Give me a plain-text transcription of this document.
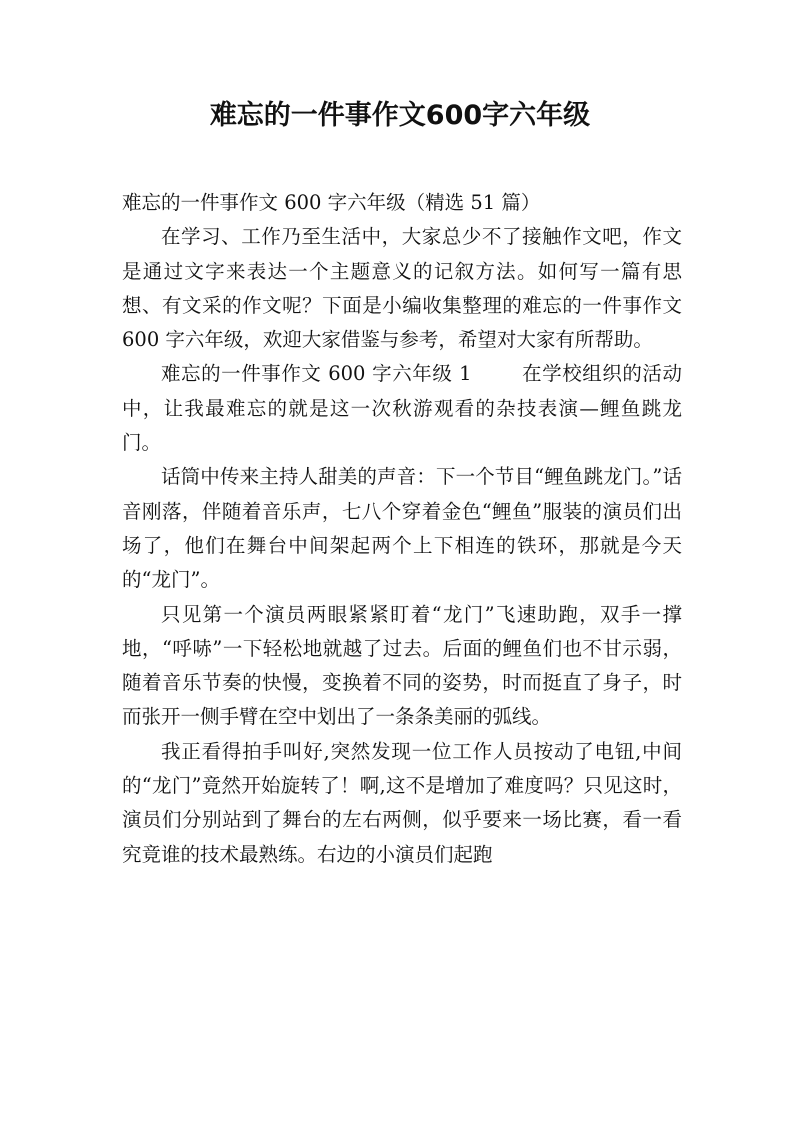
难忘的一件事作文600字六年级

难忘的一件事作文 600 字六年级（精选 51 篇）

在学习、工作乃至生活中，大家总少不了接触作文吧，作文是通过文字来表达一个主题意义的记叙方法。如何写一篇有思想、有文采的作文呢？下面是小编收集整理的难忘的一件事作文 600 字六年级，欢迎大家借鉴与参考，希望对大家有所帮助。

难忘的一件事作文 600 字六年级 1	在学校组织的活动中，让我最难忘的就是这一次秋游观看的杂技表演—鲤鱼跳龙门。

话筒中传来主持人甜美的声音：下一个节目“鲤鱼跳龙门。”话音刚落，伴随着音乐声，七八个穿着金色“鲤鱼”服装的演员们出场了，他们在舞台中间架起两个上下相连的铁环，那就是今天的“龙门”。

只见第一个演员两眼紧紧盯着“龙门”飞速助跑，双手一撑地，“呼哧”一下轻松地就越了过去。后面的鲤鱼们也不甘示弱，随着音乐节奏的快慢，变换着不同的姿势，时而挺直了身子，时而张开一侧手臂在空中划出了一条条美丽的弧线。

我正看得拍手叫好,突然发现一位工作人员按动了电钮,中间的“龙门”竟然开始旋转了！啊,这不是增加了难度吗？只见这时，演员们分别站到了舞台的左右两侧，似乎要来一场比赛，看一看究竟谁的技术最熟练。右边的小演员们起跑
